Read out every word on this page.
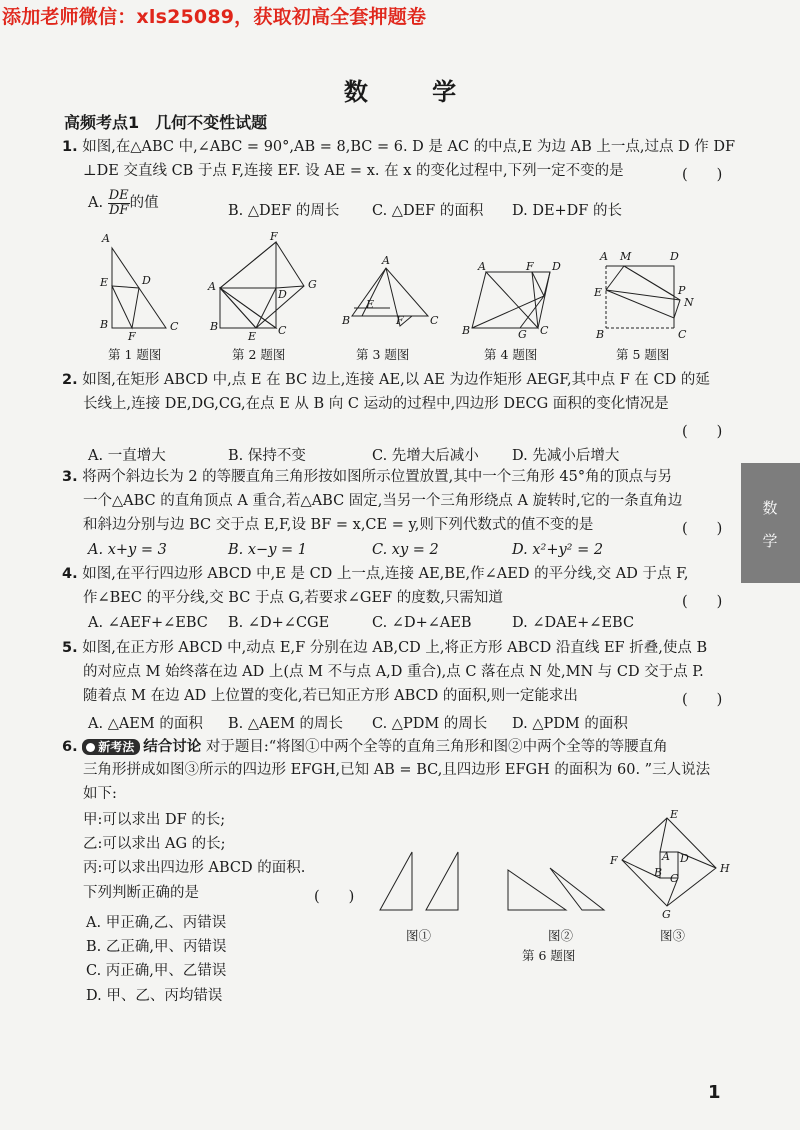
添加老师微信：xls25089，获取初高全套押题卷
数 学
高频考点1　几何不变性试题
1. 如图,在△ABC 中,∠ABC = 90°,AB = 8,BC = 6. D 是 AC 的中点,E 为边 AB 上一点,过点 D 作 DF
⊥DE 交直线 CB 于点 F,连接 EF. 设 AE = x. 在 x 的变化过程中,下列一定不变的是	(　　)
A. $\frac{DE}{DF}$ 的值	B. △DEF 的周长 C. △DEF 的面积 D. DE+DF 的长
A
E	D
B
F
C
F
A
D
G
B
E C
A
E
B	F C
A	F D
B	G C
A M	D
E	P
N
B	C
第 1 题图	第 2 题图	第 3 题图	第 4 题图	第 5 题图
2. 如图,在矩形 ABCD 中,点 E 在 BC 边上,连接 AE,以 AE 为边作矩形 AEGF,其中点 F 在 CD 的延
长线上,连接 DE,DG,CG,在点 E 从 B 向 C 运动的过程中,四边形 DECG 面积的变化情况是
(　　)
A. 一直增大	B. 保持不变	C. 先增大后减小 D. 先减小后增大
3. 将两个斜边长为 2 的等腰直角三角形按如图所示位置放置,其中一个三角形 45°角的顶点与另
一个△ABC 的直角顶点 A 重合,若△ABC 固定,当另一个三角形绕点 A 旋转时,它的一条直角边
和斜边分别与边 BC 交于点 E,F,设 BF = x,CE = y,则下列代数式的值不变的是	(　　)
A. x+y = 3	B. x−y = 1	C. xy = 2	D. x²+y² = 2
4. 如图,在平行四边形 ABCD 中,E 是 CD 上一点,连接 AE,BE,作∠AED 的平分线,交 AD 于点 F,
作∠BEC 的平分线,交 BC 于点 G,若要求∠GEF 的度数,只需知道	(　　)
A. ∠AEF+∠EBC B. ∠D+∠CGE	C. ∠D+∠AEB	D. ∠DAE+∠EBC
5. 如图,在正方形 ABCD 中,动点 E,F 分别在边 AB,CD 上,将正方形 ABCD 沿直线 EF 折叠,使点 B
的对应点 M 始终落在边 AD 上(点 M 不与点 A,D 重合),点 C 落在点 N 处,MN 与 CD 交于点 P.
随着点 M 在边 AD 上位置的变化,若已知正方形 ABCD 的面积,则一定能求出	(　　)
A. △AEM 的面积 B. △AEM 的周长 C. △PDM 的周长 D. △PDM 的面积
6. 新考法 结合讨论 对于题目:“将图①中两个全等的直角三角形和图②中两个全等的等腰直角
三角形拼成如图③所示的四边形 EFGH,已知 AB = BC,且四边形 EFGH 的面积为 60. ”三人说法
如下:
甲:可以求出 DF 的长;
乙:可以求出 AG 的长;
丙:可以求出四边形 ABCD 的面积.
下列判断正确的是	(　　)
A. 甲正确,乙、丙错误
B. 乙正确,甲、丙错误
C. 丙正确,甲、乙错误
D. 甲、乙、丙均错误
E
F	A D
H
B C
G
图①	图②	图③
第 6 题图
数
学
1
